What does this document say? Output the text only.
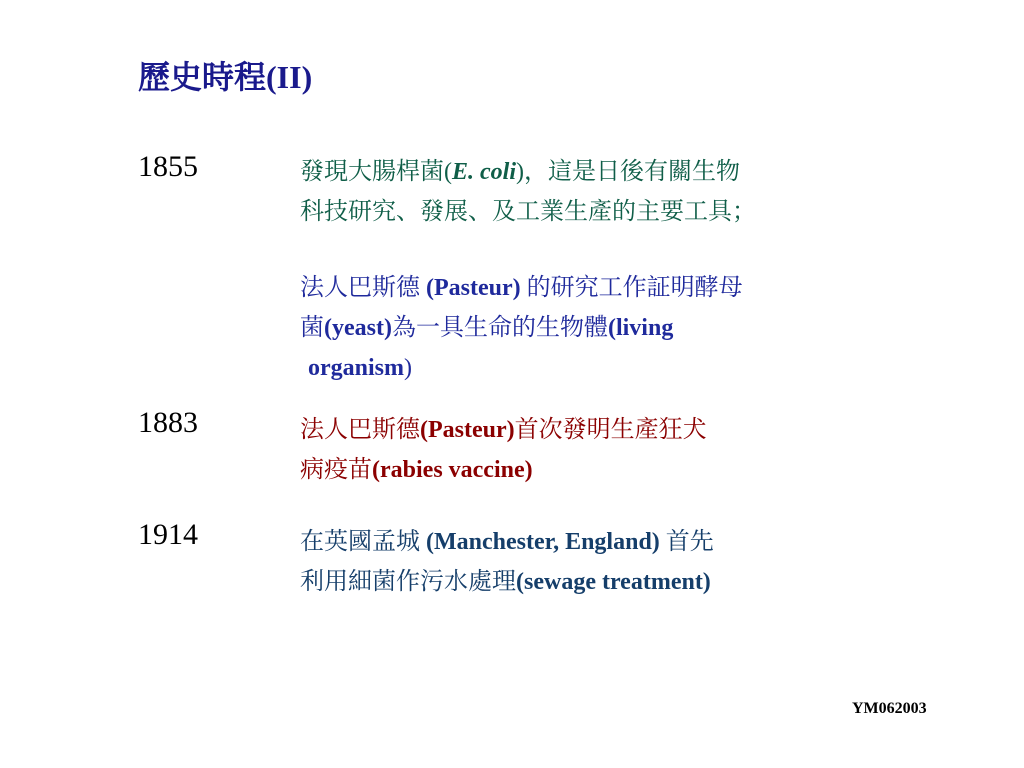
歷史時程(II)
1855	發現大腸桿菌(E. coli)，這是日後有關生物
科技研究、發展、及工業生產的主要工具；
法人巴斯德 (Pasteur) 的研究工作証明酵母
菌(yeast)為一具生命的生物體(living
organism)
1883	法人巴斯德(Pasteur)首次發明生產狂犬
病疫苗(rabies vaccine)
1914	在英國孟城 (Manchester, England) 首先
利用細菌作污水處理(sewage treatment)
YM062003
